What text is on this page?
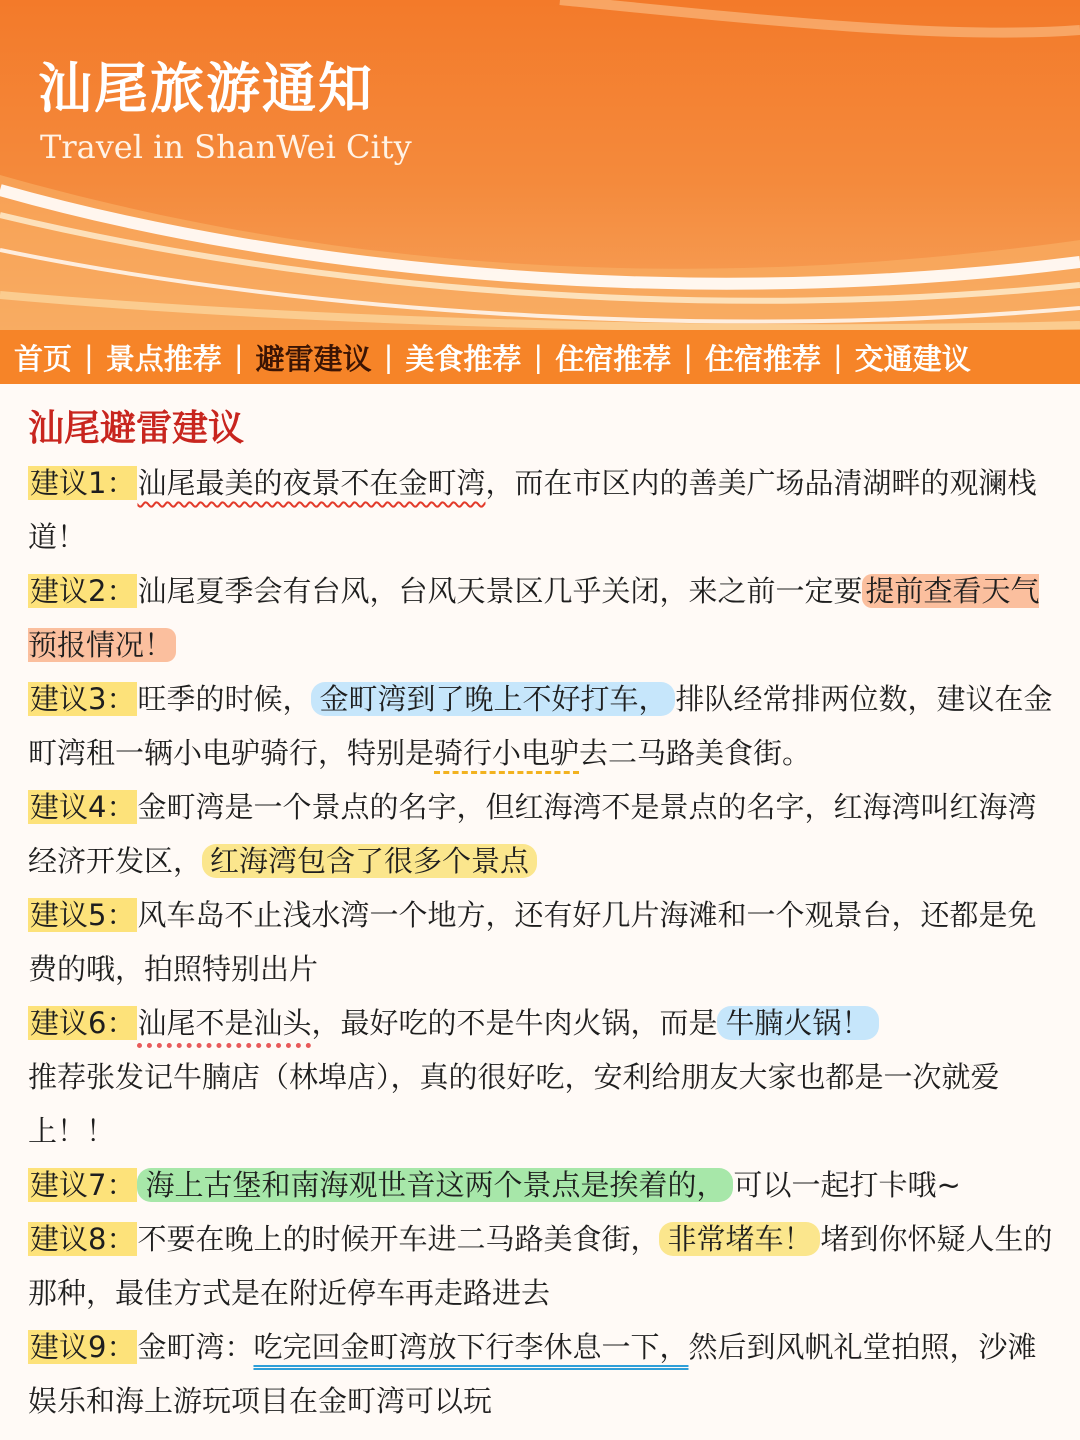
汕尾旅游通知
Travel in ShanWei City
首页 | 景点推荐 | 避雷建议 | 美食推荐 | 住宿推荐 | 住宿推荐 | 交通建议
汕尾避雷建议

建议1：汕尾最美的夜景不在金町湾，而在市区内的善美广场品清湖畔的观澜栈道！

建议2：汕尾夏季会有台风，台风天景区几乎关闭，来之前一定要 提前查看天气预报情况！

建议3：旺季的时候， 金町湾到了晚上不好打车， 排队经常排两位数，建议在金町湾租一辆小电驴骑行，特别是骑行小电驴去二马路美食街。

建议4：金町湾是一个景点的名字，但红海湾不是景点的名字，红海湾叫红海湾经济开发区， 红海湾包含了很多个景点

建议5：风车岛不止浅水湾一个地方，还有好几片海滩和一个观景台，还都是免费的哦，拍照特别出片

建议6：汕尾不是汕头，最好吃的不是牛肉火锅，而是 牛腩火锅！
推荐张发记牛腩店（林埠店），真的很好吃，安利给朋友大家也都是一次就爱上！！

建议7： 海上古堡和南海观世音这两个景点是挨着的， 可以一起打卡哦~

建议8：不要在晚上的时候开车进二马路美食街， 非常堵车！ 堵到你怀疑人生的那种，最佳方式是在附近停车再走路进去

建议9：金町湾：吃完回金町湾放下行李休息一下，然后到风帆礼堂拍照，沙滩娱乐和海上游玩项目在金町湾可以玩
